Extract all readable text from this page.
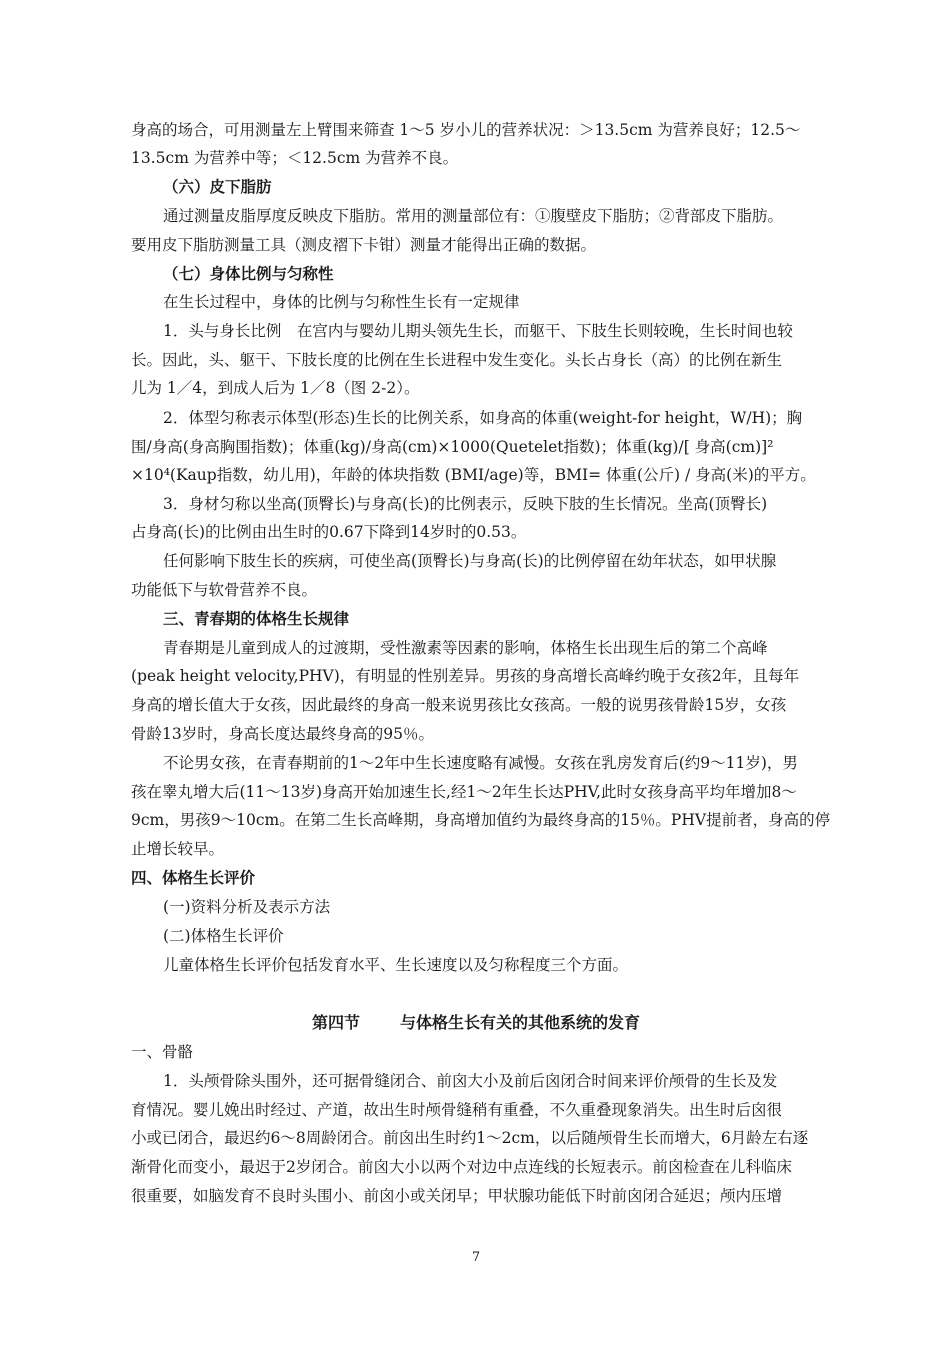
身高的场合，可用测量左上臂围来筛查 1～5 岁小儿的营养状况：＞13.5cm 为营养良好；12.5～
13.5cm 为营养中等；＜12.5cm 为营养不良。
（六）皮下脂肪
通过测量皮脂厚度反映皮下脂肪。常用的测量部位有：①腹壁皮下脂肪；②背部皮下脂肪。
要用皮下脂肪测量工具（测皮褶下卡钳）测量才能得出正确的数据。
（七）身体比例与匀称性
在生长过程中，身体的比例与匀称性生长有一定规律
1．头与身长比例　在宫内与婴幼儿期头领先生长，而躯干、下肢生长则较晚，生长时间也较
长。因此，头、躯干、下肢长度的比例在生长进程中发生变化。头长占身长（高）的比例在新生
儿为 1／4，到成人后为 1／8（图 2-2）。
2．体型匀称表示体型(形态)生长的比例关系，如身高的体重(weight-for height，W/H)；胸
围/身高(身高胸围指数)；体重(kg)/身高(cm)×1000(Quetelet指数)；体重(kg)/[ 身高(cm)]²
×10⁴(Kaup指数，幼儿用)，年龄的体块指数 (BMI/age)等，BMI= 体重(公斤) / 身高(米)的平方。
3．身材匀称以坐高(顶臀长)与身高(长)的比例表示，反映下肢的生长情况。坐高(顶臀长)
占身高(长)的比例由出生时的0.67下降到14岁时的0.53。
任何影响下肢生长的疾病，可使坐高(顶臀长)与身高(长)的比例停留在幼年状态，如甲状腺
功能低下与软骨营养不良。
三、青春期的体格生长规律
青春期是儿童到成人的过渡期，受性激素等因素的影响，体格生长出现生后的第二个高峰
(peak height velocity,PHV)，有明显的性别差异。男孩的身高增长高峰约晚于女孩2年，且每年
身高的增长值大于女孩，因此最终的身高一般来说男孩比女孩高。一般的说男孩骨龄15岁，女孩
骨龄13岁时，身高长度达最终身高的95％。
不论男女孩，在青春期前的1～2年中生长速度略有减慢。女孩在乳房发育后(约9～11岁)，男
孩在睾丸增大后(11～13岁)身高开始加速生长,经1～2年生长达PHV,此时女孩身高平均年增加8～
9cm，男孩9～10cm。在第二生长高峰期，身高增加值约为最终身高的15％。PHV提前者，身高的停
止增长较早。
四、体格生长评价
(一)资料分析及表示方法
(二)体格生长评价
儿童体格生长评价包括发育水平、生长速度以及匀称程度三个方面。
一、骨骼
1．头颅骨除头围外，还可据骨缝闭合、前囟大小及前后囟闭合时间来评价颅骨的生长及发
育情况。婴儿娩出时经过、产道，故出生时颅骨缝稍有重叠，不久重叠现象消失。出生时后囟很
小或已闭合，最迟约6～8周龄闭合。前囟出生时约1～2cm，以后随颅骨生长而增大，6月龄左右逐
渐骨化而变小，最迟于2岁闭合。前囟大小以两个对边中点连线的长短表示。前囟检查在儿科临床
很重要，如脑发育不良时头围小、前囟小或关闭早；甲状腺功能低下时前囟闭合延迟；颅内压增
第四节	与体格生长有关的其他系统的发育
7
